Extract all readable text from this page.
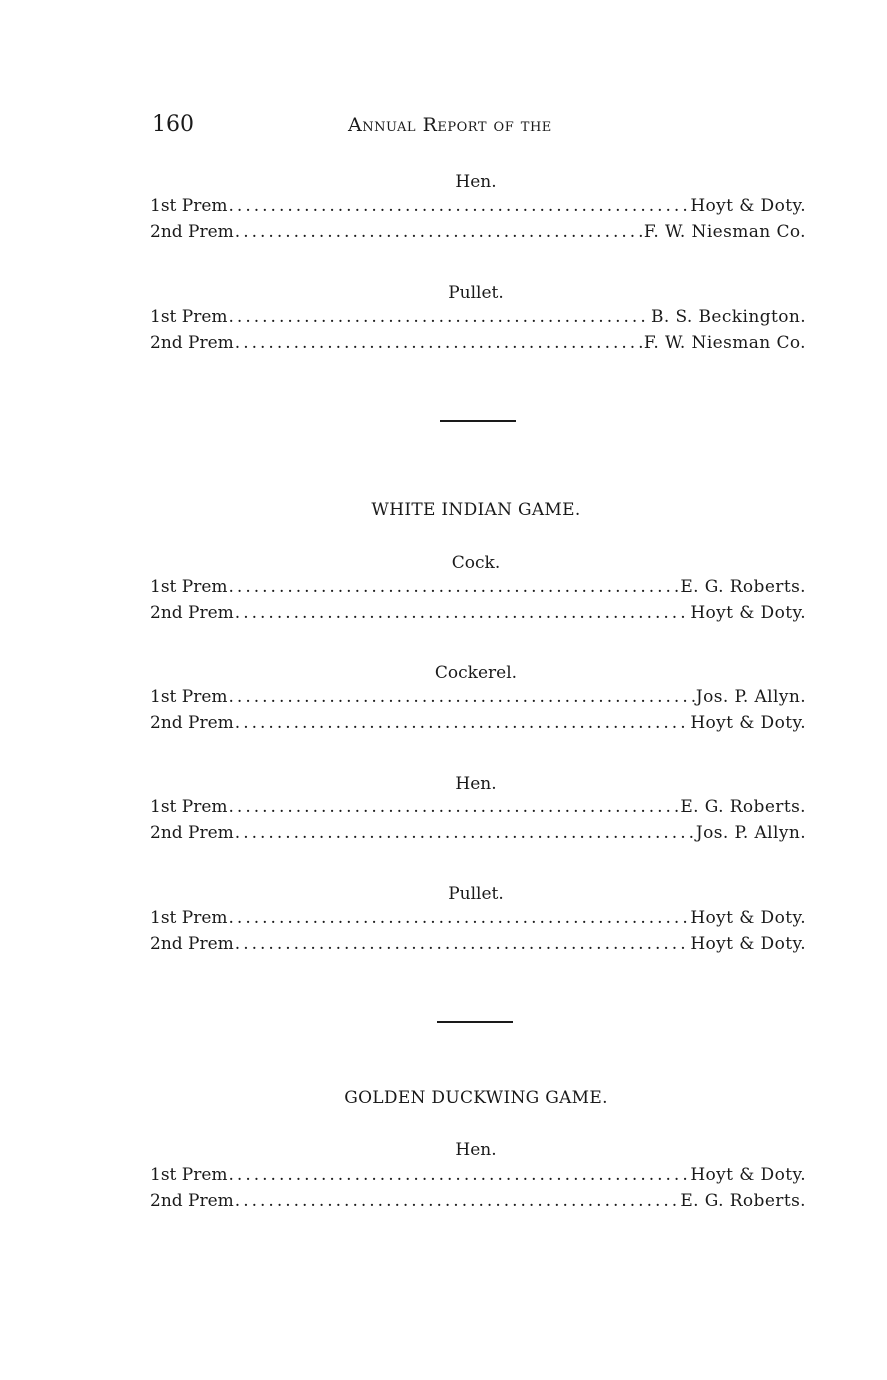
160	Annual Report of the
Hen.
1st Prem .....	Hoyt & Doty.
2nd Prem .....	F. W. Niesman Co.
Pullet.
1st Prem .....	B. S. Beckington.
2nd Prem .....	F. W. Niesman Co.
WHITE INDIAN GAME.
Cock.
1st Prem .....	E. G. Roberts.
2nd Prem .....	Hoyt & Doty.
Cockerel.
1st Prem .....	Jos. P. Allyn.
2nd Prem .....	Hoyt & Doty.
Hen.
1st Prem .....	E. G. Roberts.
2nd Prem .....	Jos. P. Allyn.
Pullet.
1st Prem .....	Hoyt & Doty.
2nd Prem .....	Hoyt & Doty.
GOLDEN DUCKWING GAME.
Hen.
1st Prem .....	Hoyt & Doty.
2nd Prem .....	E. G. Roberts.
